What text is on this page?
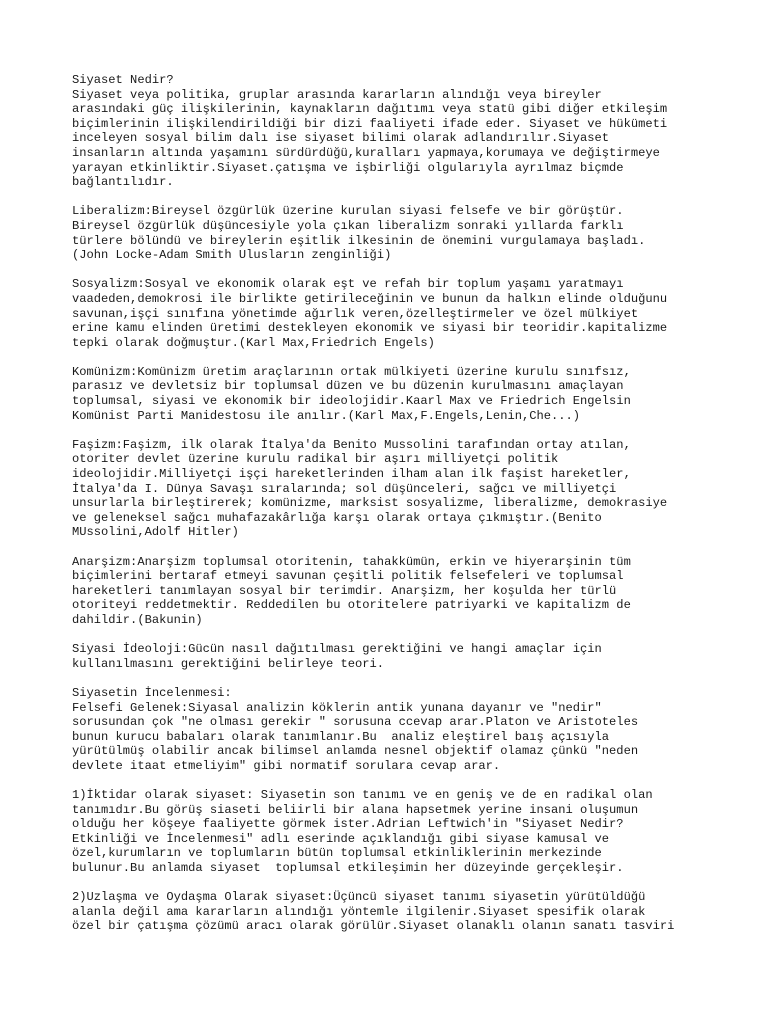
Siyaset Nedir?
Siyaset veya politika, gruplar arasında kararların alındığı veya bireyler
arasındaki güç ilişkilerinin, kaynakların dağıtımı veya statü gibi diğer etkileşim
biçimlerinin ilişkilendirildiği bir dizi faaliyeti ifade eder. Siyaset ve hükümeti
inceleyen sosyal bilim dalı ise siyaset bilimi olarak adlandırılır.Siyaset
insanların altında yaşamını sürdürdüğü,kuralları yapmaya,korumaya ve değiştirmeye
yarayan etkinliktir.Siyaset.çatışma ve işbirliği olgularıyla ayrılmaz biçmde
bağlantılıdır.
Liberalizm:Bireysel özgürlük üzerine kurulan siyasi felsefe ve bir görüştür.
Bireysel özgürlük düşüncesiyle yola çıkan liberalizm sonraki yıllarda farklı
türlere bölündü ve bireylerin eşitlik ilkesinin de önemini vurgulamaya başladı.
(John Locke-Adam Smith Ulusların zenginliği)
Sosyalizm:Sosyal ve ekonomik olarak eşt ve refah bir toplum yaşamı yaratmayı
vaadeden,demokrosi ile birlikte getirileceğinin ve bunun da halkın elinde olduğunu
savunan,işçi sınıfına yönetimde ağırlık veren,özelleştirmeler ve özel mülkiyet
erine kamu elinden üretimi destekleyen ekonomik ve siyasi bir teoridir.kapitalizme
tepki olarak doğmuştur.(Karl Max,Friedrich Engels)
Komünizm:Komünizm üretim araçlarının ortak mülkiyeti üzerine kurulu sınıfsız,
parasız ve devletsiz bir toplumsal düzen ve bu düzenin kurulmasını amaçlayan
toplumsal, siyasi ve ekonomik bir ideolojidir.Kaarl Max ve Friedrich Engelsin
Komünist Parti Manidestosu ile anılır.(Karl Max,F.Engels,Lenin,Che...)
Faşizm:Faşizm, ilk olarak İtalya'da Benito Mussolini tarafından ortay atılan,
otoriter devlet üzerine kurulu radikal bir aşırı milliyetçi politik
ideolojidir.Milliyetçi işçi hareketlerinden ilham alan ilk faşist hareketler,
İtalya'da I. Dünya Savaşı sıralarında; sol düşünceleri, sağcı ve milliyetçi
unsurlarla birleştirerek; komünizme, marksist sosyalizme, liberalizme, demokrasiye
ve geleneksel sağcı muhafazakârlığa karşı olarak ortaya çıkmıştır.(Benito
MUssolini,Adolf Hitler)
Anarşizm:Anarşizm toplumsal otoritenin, tahakkümün, erkin ve hiyerarşinin tüm
biçimlerini bertaraf etmeyi savunan çeşitli politik felsefeleri ve toplumsal
hareketleri tanımlayan sosyal bir terimdir. Anarşizm, her koşulda her türlü
otoriteyi reddetmektir. Reddedilen bu otoritelere patriyarki ve kapitalizm de
dahildir.(Bakunin)
Siyasi İdeoloji:Gücün nasıl dağıtılması gerektiğini ve hangi amaçlar için
kullanılmasını gerektiğini belirleye teori.
Siyasetin İncelenmesi:
Felsefi Gelenek:Siyasal analizin köklerin antik yunana dayanır ve "nedir"
sorusundan çok "ne olması gerekir " sorusuna ccevap arar.Platon ve Aristoteles
bunun kurucu babaları olarak tanımlanır.Bu  analiz eleştirel baış açısıyla
yürütülmüş olabilir ancak bilimsel anlamda nesnel objektif olamaz çünkü "neden
devlete itaat etmeliyim" gibi normatif sorulara cevap arar.
1)İktidar olarak siyaset: Siyasetin son tanımı ve en geniş ve de en radikal olan
tanımıdır.Bu görüş siaseti beliirli bir alana hapsetmek yerine insani oluşumun
olduğu her köşeye faaliyette görmek ister.Adrian Leftwich'in "Siyaset Nedir?
Etkinliği ve İncelenmesi" adlı eserinde açıklandığı gibi siyase kamusal ve
özel,kurumların ve toplumların bütün toplumsal etkinliklerinin merkezinde
bulunur.Bu anlamda siyaset  toplumsal etkileşimin her düzeyinde gerçekleşir.
2)Uzlaşma ve Oydaşma Olarak siyaset:Üçüncü siyaset tanımı siyasetin yürütüldüğü
alanla değil ama kararların alındığı yöntemle ilgilenir.Siyaset spesifik olarak
özel bir çatışma çözümü aracı olarak görülür.Siyaset olanaklı olanın sanatı tasviri
